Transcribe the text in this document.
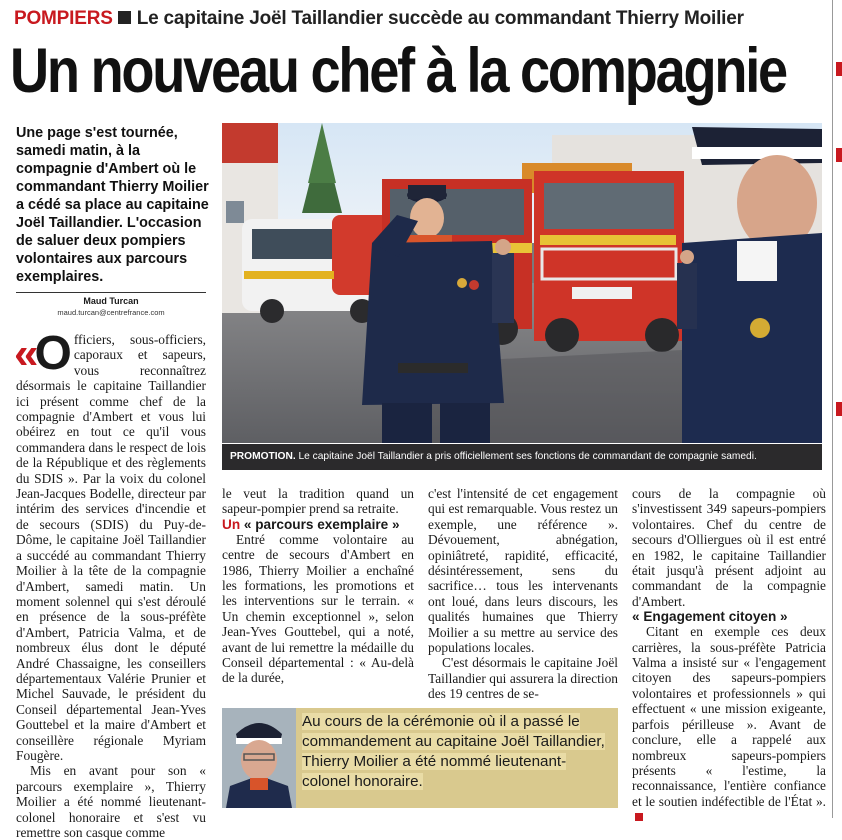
POMPIERS Le capitaine Joël Taillandier succède au commandant Thierry Moilier
Un nouveau chef à la compagnie
Une page s'est tournée, samedi matin, à la compagnie d'Ambert où le commandant Thierry Moilier a cédé sa place au capitaine Joël Taillandier. L'occasion de saluer deux pompiers volontaires aux parcours exemplaires.
Maud Turcan
maud.turcan@centrefrance.com
PROMOTION. Le capitaine Joël Taillandier a pris officiellement ses fonctions de commandant de compagnie samedi.
« O fficiers, sous-officiers, caporaux et sapeurs, vous reconnaîtrez désormais le capitaine Taillandier ici présent comme chef de la compagnie d'Ambert et vous lui obéirez en tout ce qu'il vous commandera dans le respect de lois de la République et des règlements du SDIS ». Par la voix du colonel Jean-Jacques Bodelle, directeur par intérim des services d'incendie et de secours (SDIS) du Puy-de-Dôme, le capitaine Joël Taillandier a succédé au commandant Thierry Moilier à la tête de la compagnie d'Ambert, samedi matin. Un moment solennel qui s'est déroulé en présence de la sous-préfète d'Ambert, Patricia Valma, et de nombreux élus dont le député André Chassaigne, les conseillers départementaux Valérie Prunier et Michel Sauvade, le président du Conseil départemental Jean-Yves Gouttebel et la maire d'Ambert et conseillère régionale Myriam Fougère.

Mis en avant pour son « parcours exemplaire », Thierry Moilier a été nommé lieutenant-colonel honoraire et s'est vu remettre son casque comme

le veut la tradition quand un sapeur-pompier prend sa retraite.

Un « parcours exemplaire »

Entré comme volontaire au centre de secours d'Ambert en 1986, Thierry Moilier a enchaîné les formations, les promotions et les interventions sur le terrain. « Un chemin exceptionnel », selon Jean-Yves Gouttebel, qui a noté, avant de lui remettre la médaille du Conseil départemental : « Au-delà de la durée,

c'est l'intensité de cet engagement qui est remarquable. Vous restez un exemple, une référence ». Dévouement, abnégation, opiniâtreté, rapidité, efficacité, désintéressement, sens du sacrifice… tous les intervenants ont loué, dans leurs discours, les qualités humaines que Thierry Moilier a su mettre au service des populations locales.

C'est désormais le capitaine Joël Taillandier qui assurera la direction des 19 centres de se-

cours de la compagnie où s'investissent 349 sapeurs-pompiers volontaires. Chef du centre de secours d'Olliergues où il est entré en 1982, le capitaine Taillandier était jusqu'à présent adjoint au commandant de la compagnie d'Ambert.

« Engagement citoyen »

Citant en exemple ces deux carrières, la sous-préfète Patricia Valma a insisté sur « l'engagement citoyen des sapeurs-pompiers volontaires et professionnels » qui effectuent « une mission exigeante, parfois périlleuse ». Avant de conclure, elle a rappelé aux nombreux sapeurs-pompiers présents « l'estime, la reconnaissance, l'entière confiance et le soutien indéfectible de l'État ».

Au cours de la cérémonie où il a passé le commandement au capitaine Joël Taillandier, Thierry Moilier a été nommé lieutenant-colonel honoraire.
